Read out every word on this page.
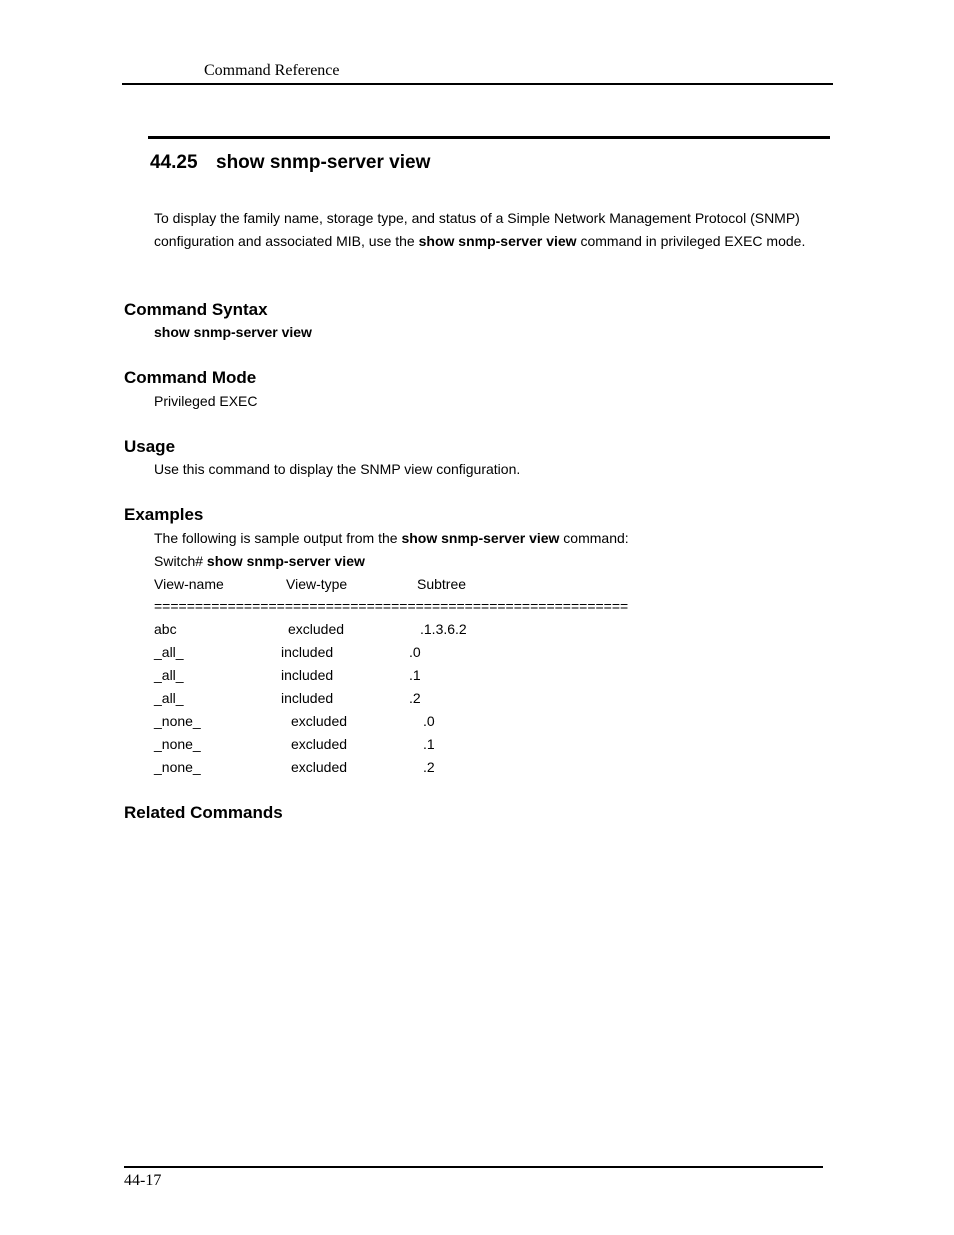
Command Reference
44.25 show snmp-server view
To display the family name, storage type, and status of a Simple Network Management Protocol (SNMP) configuration and associated MIB, use the show snmp-server view command in privileged EXEC mode.
Command Syntax
show snmp-server view
Command Mode
Privileged EXEC
Usage
Use this command to display the SNMP view configuration.
Examples
The following is sample output from the show snmp-server view command:
Switch# show snmp-server view
View-name	View-type	Subtree
==========================================================
abc	excluded	.1.3.6.2
_all_	included	.0
_all_	included	.1
_all_	included	.2
_none_	excluded	.0
_none_	excluded	.1
_none_	excluded	.2
Related Commands
44-17
